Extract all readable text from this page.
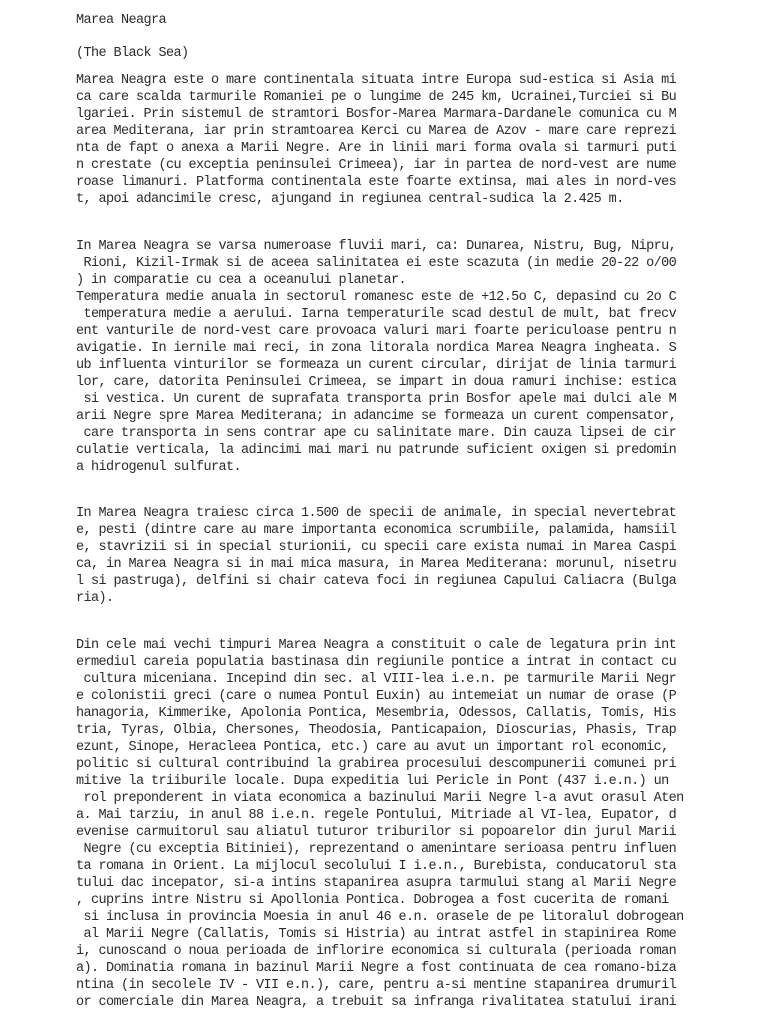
Marea Neagra
(The Black Sea)
Marea Neagra este o mare continentala situata intre Europa sud-estica si Asia mi
ca care scalda tarmurile Romaniei pe o lungime de 245 km, Ucrainei,Turciei si Bu
lgariei. Prin sistemul de stramtori Bosfor-Marea Marmara-Dardanele comunica cu M
area Mediterana, iar prin stramtoarea Kerci cu Marea de Azov - mare care reprezi
nta de fapt o anexa a Marii Negre. Are in linii mari forma ovala si tarmuri puti
n crestate (cu exceptia peninsulei Crimeea), iar in partea de nord-vest are nume
roase limanuri. Platforma continentala este foarte extinsa, mai ales in nord-ves
t, apoi adancimile cresc, ajungand in regiunea central-sudica la 2.425 m.
In Marea Neagra se varsa numeroase fluvii mari, ca: Dunarea, Nistru, Bug, Nipru,
Rioni, Kizil-Irmak si de aceea salinitatea ei este scazuta (in medie 20-22 o/00
) in comparatie cu cea a oceanului planetar.
Temperatura medie anuala in sectorul romanesc este de +12.5o C, depasind cu 2o C
temperatura medie a aerului. Iarna temperaturile scad destul de mult, bat frecv
ent vanturile de nord-vest care provoaca valuri mari foarte periculoase pentru n
avigatie. In iernile mai reci, in zona litorala nordica Marea Neagra ingheata. S
ub influenta vinturilor se formeaza un curent circular, dirijat de linia tarmuri
lor, care, datorita Peninsulei Crimeea, se impart in doua ramuri inchise: estica
si vestica. Un curent de suprafata transporta prin Bosfor apele mai dulci ale M
arii Negre spre Marea Mediterana; in adancime se formeaza un curent compensator,
care transporta in sens contrar ape cu salinitate mare. Din cauza lipsei de cir
culatie verticala, la adincimi mai mari nu patrunde suficient oxigen si predomin
a hidrogenul sulfurat.
In Marea Neagra traiesc circa 1.500 de specii de animale, in special nevertebrat
e, pesti (dintre care au mare importanta economica scrumbiile, palamida, hamsiil
e, stavrizii si in special sturionii, cu specii care exista numai in Marea Caspi
ca, in Marea Neagra si in mai mica masura, in Marea Mediterana: morunul, nisetru
l si pastruga), delfini si chair cateva foci in regiunea Capului Caliacra (Bulga
ria).
Din cele mai vechi timpuri Marea Neagra a constituit o cale de legatura prin int
ermediul careia populatia bastinasa din regiunile pontice a intrat in contact cu
cultura miceniana. Incepind din sec. al VIII-lea i.e.n. pe tarmurile Marii Negr
e colonistii greci (care o numea Pontul Euxin) au intemeiat un numar de orase (P
hanagoria, Kimmerike, Apolonia Pontica, Mesembria, Odessos, Callatis, Tomis, His
tria, Tyras, Olbia, Chersones, Theodosia, Panticapaion, Dioscurias, Phasis, Trap
ezunt, Sinope, Heracleea Pontica, etc.) care au avut un important rol economic,
politic si cultural contribuind la grabirea procesului descompunerii comunei pri
mitive la triiburile locale. Dupa expeditia lui Pericle in Pont (437 i.e.n.) un
rol preponderent in viata economica a bazinului Marii Negre l-a avut orasul Aten
a. Mai tarziu, in anul 88 i.e.n. regele Pontului, Mitriade al VI-lea, Eupator, d
evenise carmuitorul sau aliatul tuturor triburilor si popoarelor din jurul Marii
Negre (cu exceptia Bitiniei), reprezentand o amenintare serioasa pentru influen
ta romana in Orient. La mijlocul secolului I i.e.n., Burebista, conducatorul sta
tului dac incepator, si-a intins stapanirea asupra tarmului stang al Marii Negre
, cuprins intre Nistru si Apollonia Pontica. Dobrogea a fost cucerita de romani
si inclusa in provincia Moesia in anul 46 e.n. orasele de pe litoralul dobrogean
al Marii Negre (Callatis, Tomis si Histria) au intrat astfel in stapinirea Rome
i, cunoscand o noua perioada de inflorire economica si culturala (perioada roman
a). Dominatia romana in bazinul Marii Negre a fost continuata de cea romano-biza
ntina (in secolele IV - VII e.n.), care, pentru a-si mentine stapanirea drumuril
or comerciale din Marea Neagra, a trebuit sa infranga rivalitatea statului irani
